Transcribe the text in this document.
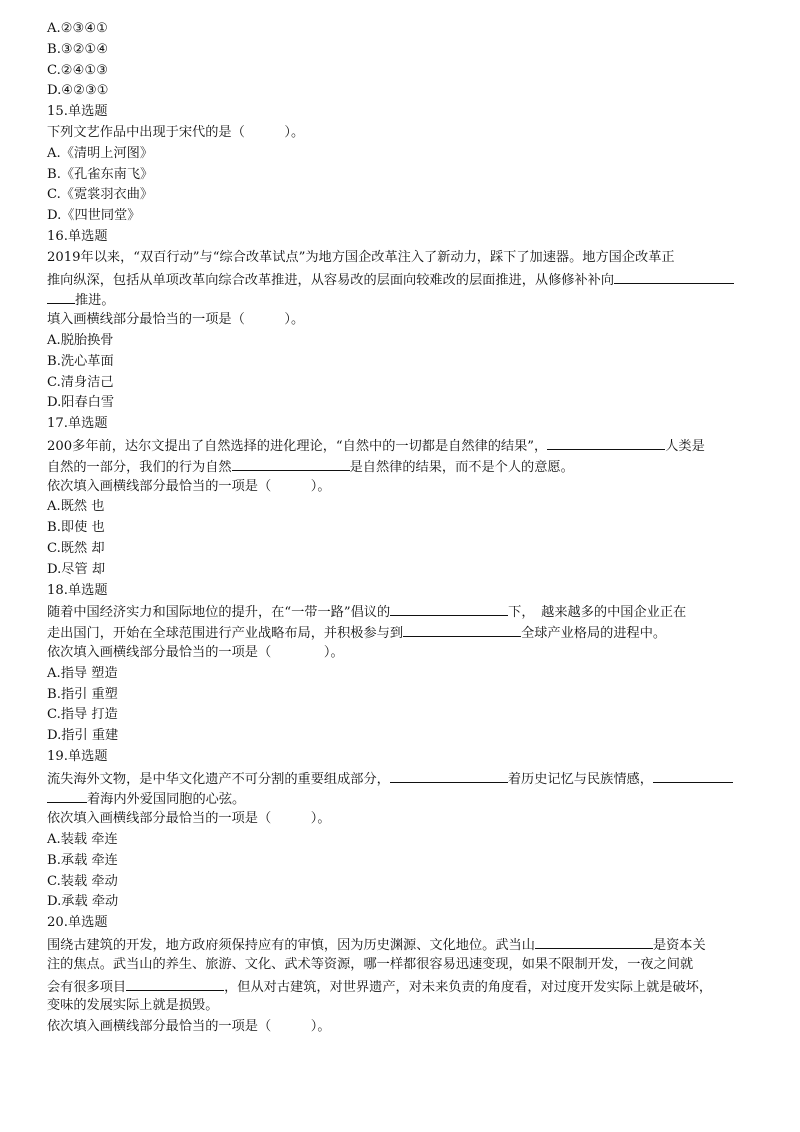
A.②③④①
B.③②①④
C.②④①③
D.④②③①
15.单选题
下列文艺作品中出现于宋代的是（　　　）。
A.《清明上河图》
B.《孔雀东南飞》
C.《霓裳羽衣曲》
D.《四世同堂》
16.单选题
2019年以来，“双百行动”与“综合改革试点”为地方国企改革注入了新动力，踩下了加速器。地方国企改革正
推向纵深，包括从单项改革向综合改革推进，从容易改的层面向较难改的层面推进，从修修补补向
推进。
填入画横线部分最恰当的一项是（　　　）。
A.脱胎换骨
B.洗心革面
C.清身洁己
D.阳春白雪
17.单选题
200多年前，达尔文提出了自然选择的进化理论，“自然中的一切都是自然律的结果”，	人类是
自然的一部分，我们的行为自然	是自然律的结果，而不是个人的意愿。
依次填入画横线部分最恰当的一项是（　　　）。
A.既然 也
B.即使 也
C.既然 却
D.尽管 却
18.单选题
随着中国经济实力和国际地位的提升，在“一带一路”倡议的	下，　越来越多的中国企业正在
走出国门，开始在全球范围进行产业战略布局，并积极参与到	全球产业格局的进程中。
依次填入画横线部分最恰当的一项是（　　　　）。
A.指导 塑造
B.指引 重塑
C.指导 打造
D.指引 重建
19.单选题
流失海外文物，是中华文化遗产不可分割的重要组成部分，	着历史记忆与民族情感，
着海内外爱国同胞的心弦。
依次填入画横线部分最恰当的一项是（　　　）。
A.装载 牵连
B.承载 牵连
C.装载 牵动
D.承载 牵动
20.单选题
围绕古建筑的开发，地方政府须保持应有的审慎，因为历史渊源、文化地位。武当山	是资本关
注的焦点。武当山的养生、旅游、文化、武术等资源，哪一样都很容易迅速变现，如果不限制开发，一夜之间就
会有很多项目	，但从对古建筑，对世界遗产，对未来负责的角度看，对过度开发实际上就是破坏，
变味的发展实际上就是损毁。
依次填入画横线部分最恰当的一项是（　　　）。
